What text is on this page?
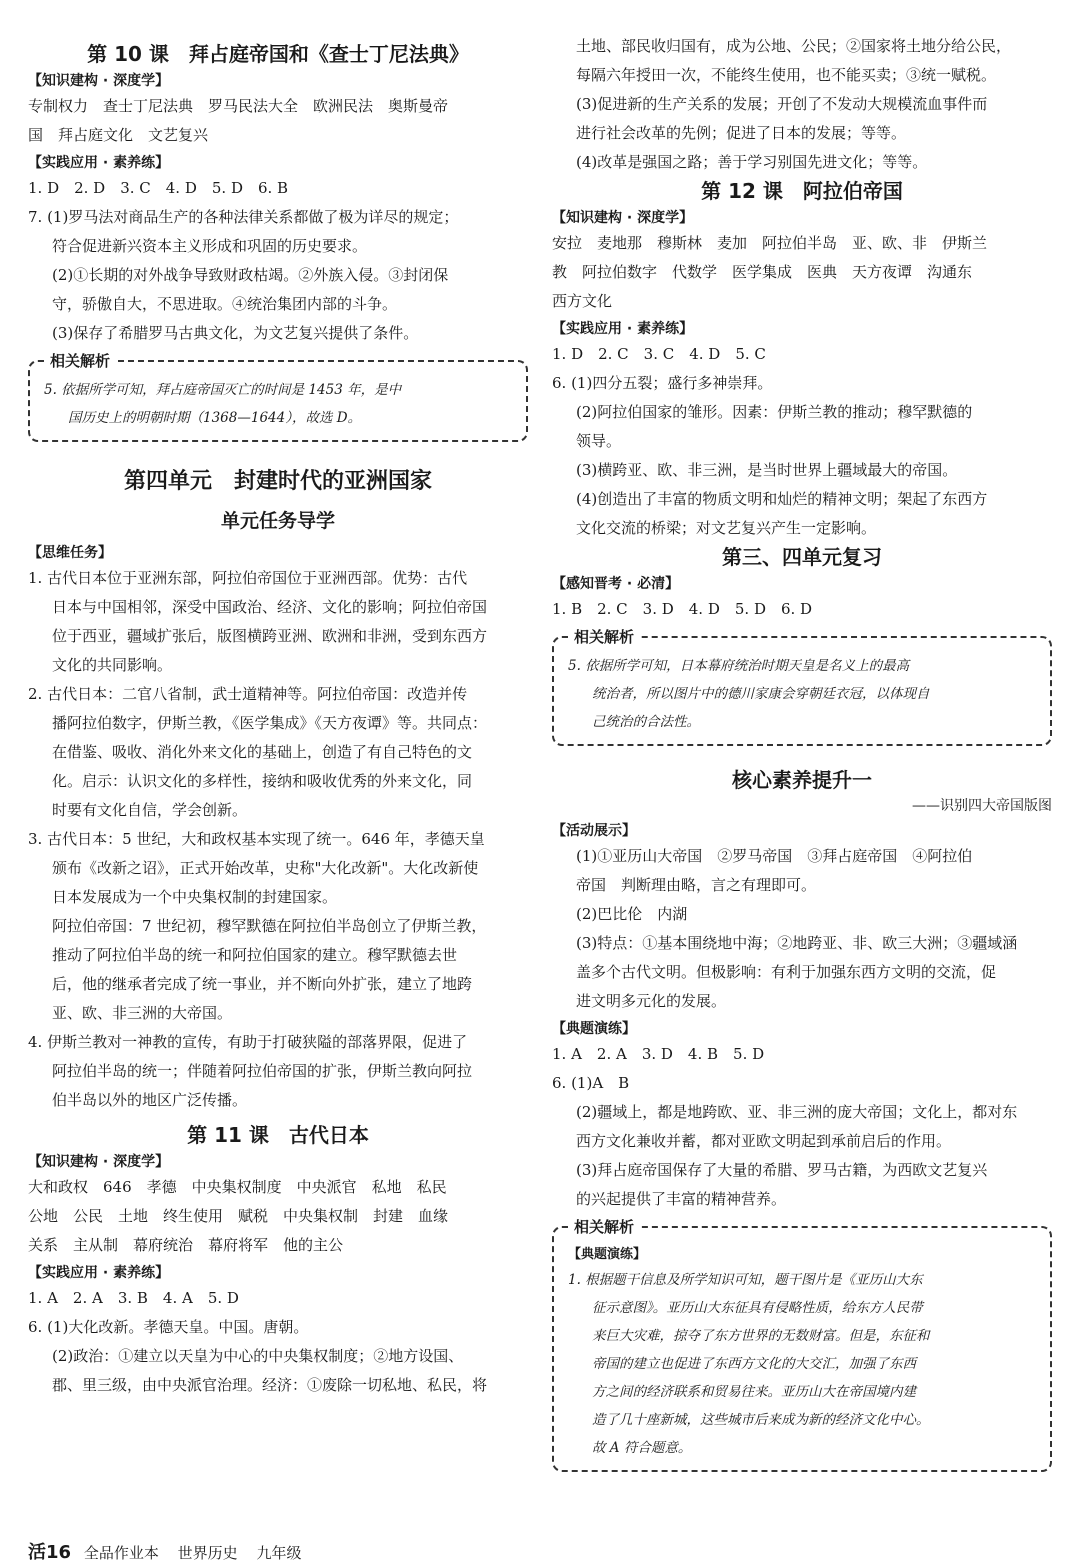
第 10 课　拜占庭帝国和《查士丁尼法典》
【知识建构 · 深度学】
专制权力　查士丁尼法典　罗马民法大全　欧洲民法　奥斯曼帝
国　拜占庭文化　文艺复兴
【实践应用 · 素养练】
1. D　2. D　3. C　4. D　5. D　6. B
7. (1)罗马法对商品生产的各种法律关系都做了极为详尽的规定；
符合促进新兴资本主义形成和巩固的历史要求。
(2)①长期的对外战争导致财政枯竭。②外族入侵。③封闭保
守，骄傲自大，不思进取。④统治集团内部的斗争。
(3)保存了希腊罗马古典文化，为文艺复兴提供了条件。
相关解析
5. 依据所学可知，拜占庭帝国灭亡的时间是 1453 年，是中
国历史上的明朝时期（1368—1644），故选 D。
第四单元　封建时代的亚洲国家
单元任务导学
【思维任务】
1. 古代日本位于亚洲东部，阿拉伯帝国位于亚洲西部。优势：古代
日本与中国相邻，深受中国政治、经济、文化的影响；阿拉伯帝国
位于西亚，疆域扩张后，版图横跨亚洲、欧洲和非洲，受到东西方
文化的共同影响。
2. 古代日本：二官八省制，武士道精神等。阿拉伯帝国：改造并传
播阿拉伯数字，伊斯兰教，《医学集成》《天方夜谭》等。共同点：
在借鉴、吸收、消化外来文化的基础上，创造了有自己特色的文
化。启示：认识文化的多样性，接纳和吸收优秀的外来文化，同
时要有文化自信，学会创新。
3. 古代日本：5 世纪，大和政权基本实现了统一。646 年，孝德天皇
颁布《改新之诏》，正式开始改革，史称"大化改新"。大化改新使
日本发展成为一个中央集权制的封建国家。
阿拉伯帝国：7 世纪初，穆罕默德在阿拉伯半岛创立了伊斯兰教，
推动了阿拉伯半岛的统一和阿拉伯国家的建立。穆罕默德去世
后，他的继承者完成了统一事业，并不断向外扩张，建立了地跨
亚、欧、非三洲的大帝国。
4. 伊斯兰教对一神教的宣传，有助于打破狭隘的部落界限，促进了
阿拉伯半岛的统一；伴随着阿拉伯帝国的扩张，伊斯兰教向阿拉
伯半岛以外的地区广泛传播。
第 11 课　古代日本
【知识建构 · 深度学】
大和政权　646　孝德　中央集权制度　中央派官　私地　私民
公地　公民　土地　终生使用　赋税　中央集权制　封建　血缘
关系　主从制　幕府统治　幕府将军　他的主公
【实践应用 · 素养练】
1. A　2. A　3. B　4. A　5. D
6. (1)大化改新。孝德天皇。中国。唐朝。
(2)政治：①建立以天皇为中心的中央集权制度；②地方设国、
郡、里三级，由中央派官治理。经济：①废除一切私地、私民，将
土地、部民收归国有，成为公地、公民；②国家将土地分给公民，
每隔六年授田一次，不能终生使用，也不能买卖；③统一赋税。
(3)促进新的生产关系的发展；开创了不发动大规模流血事件而
进行社会改革的先例；促进了日本的发展；等等。
(4)改革是强国之路；善于学习别国先进文化；等等。
第 12 课　阿拉伯帝国
【知识建构 · 深度学】
安拉　麦地那　穆斯林　麦加　阿拉伯半岛　亚、欧、非　伊斯兰
教　阿拉伯数字　代数学　医学集成　医典　天方夜谭　沟通东
西方文化
【实践应用 · 素养练】
1. D　2. C　3. C　4. D　5. C
6. (1)四分五裂；盛行多神崇拜。
(2)阿拉伯国家的雏形。因素：伊斯兰教的推动；穆罕默德的
领导。
(3)横跨亚、欧、非三洲，是当时世界上疆域最大的帝国。
(4)创造出了丰富的物质文明和灿烂的精神文明；架起了东西方
文化交流的桥梁；对文艺复兴产生一定影响。
第三、四单元复习
【感知晋考 · 必清】
1. B　2. C　3. D　4. D　5. D　6. D
相关解析
5. 依据所学可知，日本幕府统治时期天皇是名义上的最高
统治者，所以图片中的德川家康会穿朝廷衣冠，以体现自
己统治的合法性。
核心素养提升一
——识别四大帝国版图
【活动展示】
(1)①亚历山大帝国　②罗马帝国　③拜占庭帝国　④阿拉伯
帝国　判断理由略，言之有理即可。
(2)巴比伦　内湖
(3)特点：①基本围绕地中海；②地跨亚、非、欧三大洲；③疆域涵
盖多个古代文明。但极影响：有利于加强东西方文明的交流，促
进文明多元化的发展。
【典题演练】
1. A　2. A　3. D　4. B　5. D
6. (1)A　B
(2)疆域上，都是地跨欧、亚、非三洲的庞大帝国；文化上，都对东
西方文化兼收并蓄，都对亚欧文明起到承前启后的作用。
(3)拜占庭帝国保存了大量的希腊、罗马古籍，为西欧文艺复兴
的兴起提供了丰富的精神营养。
相关解析
【典题演练】
1. 根据题干信息及所学知识可知，题干图片是《亚历山大东
征示意图》。亚历山大东征具有侵略性质，给东方人民带
来巨大灾难，掠夺了东方世界的无数财富。但是，东征和
帝国的建立也促进了东西方文化的大交汇，加强了东西
方之间的经济联系和贸易往来。亚历山大在帝国境内建
造了几十座新城，这些城市后来成为新的经济文化中心。
故 A 符合题意。
活16 全品作业本 世界历史 九年级
